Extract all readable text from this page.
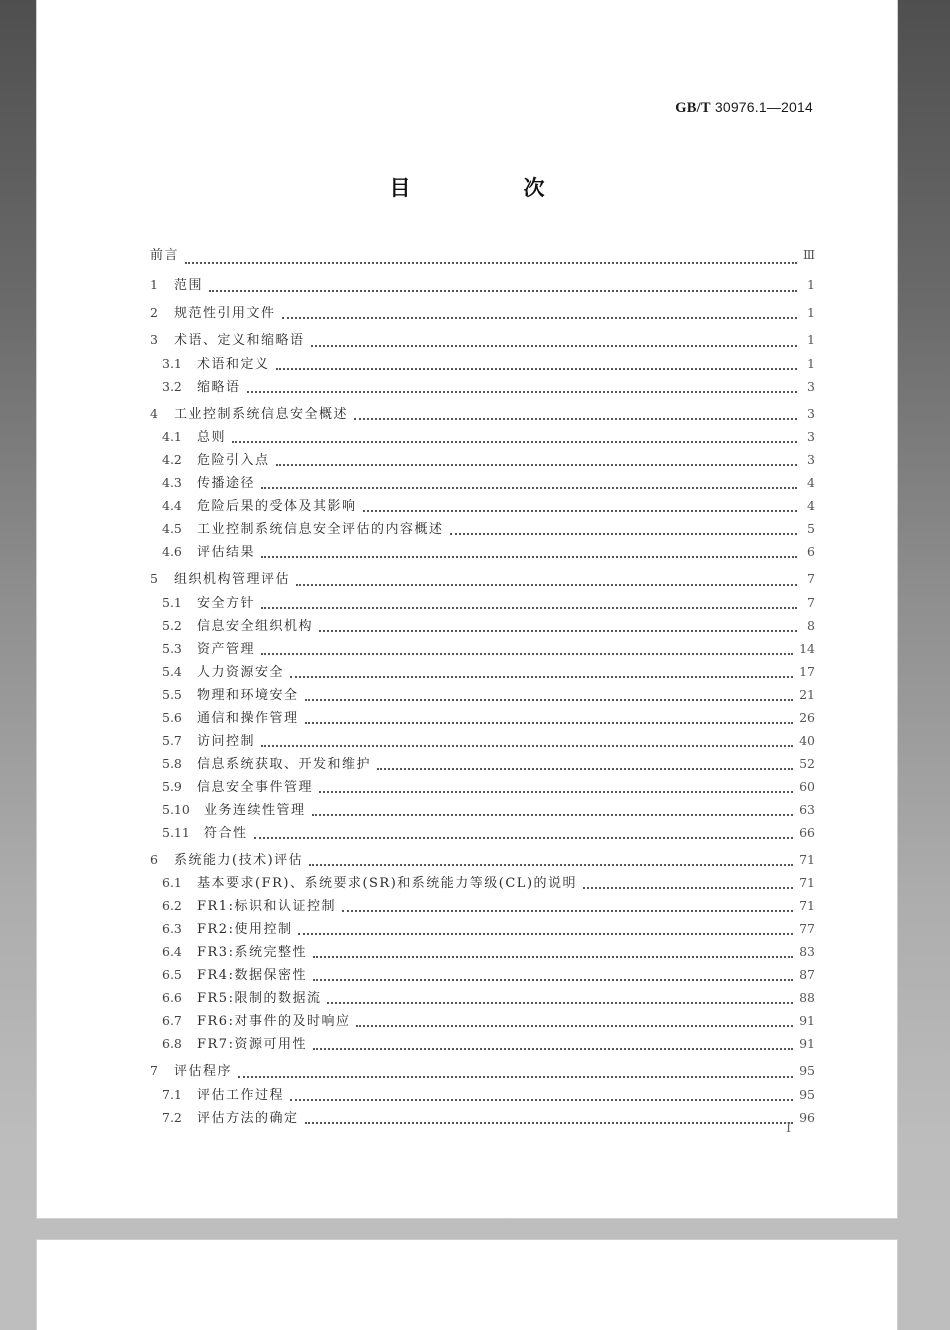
GB/T 30976.1—2014
目　次
前言	Ⅲ
1	范围	1
2	规范性引用文件	1
3	术语、定义和缩略语	1
3.1	术语和定义	1
3.2	缩略语	3
4	工业控制系统信息安全概述	3
4.1	总则	3
4.2	危险引入点	3
4.3	传播途径	4
4.4	危险后果的受体及其影响	4
4.5	工业控制系统信息安全评估的内容概述	5
4.6	评估结果	6
5	组织机构管理评估	7
5.1	安全方针	7
5.2	信息安全组织机构	8
5.3	资产管理	14
5.4	人力资源安全	17
5.5	物理和环境安全	21
5.6	通信和操作管理	26
5.7	访问控制	40
5.8	信息系统获取、开发和维护	52
5.9	信息安全事件管理	60
5.10	业务连续性管理	63
5.11	符合性	66
6	系统能力(技术)评估	71
6.1	基本要求(FR)、系统要求(SR)和系统能力等级(CL)的说明	71
6.2	FR1:标识和认证控制	71
6.3	FR2:使用控制	77
6.4	FR3:系统完整性	83
6.5	FR4:数据保密性	87
6.6	FR5:限制的数据流	88
6.7	FR6:对事件的及时响应	91
6.8	FR7:资源可用性	91
7	评估程序	95
7.1	评估工作过程	95
7.2	评估方法的确定	96
I
